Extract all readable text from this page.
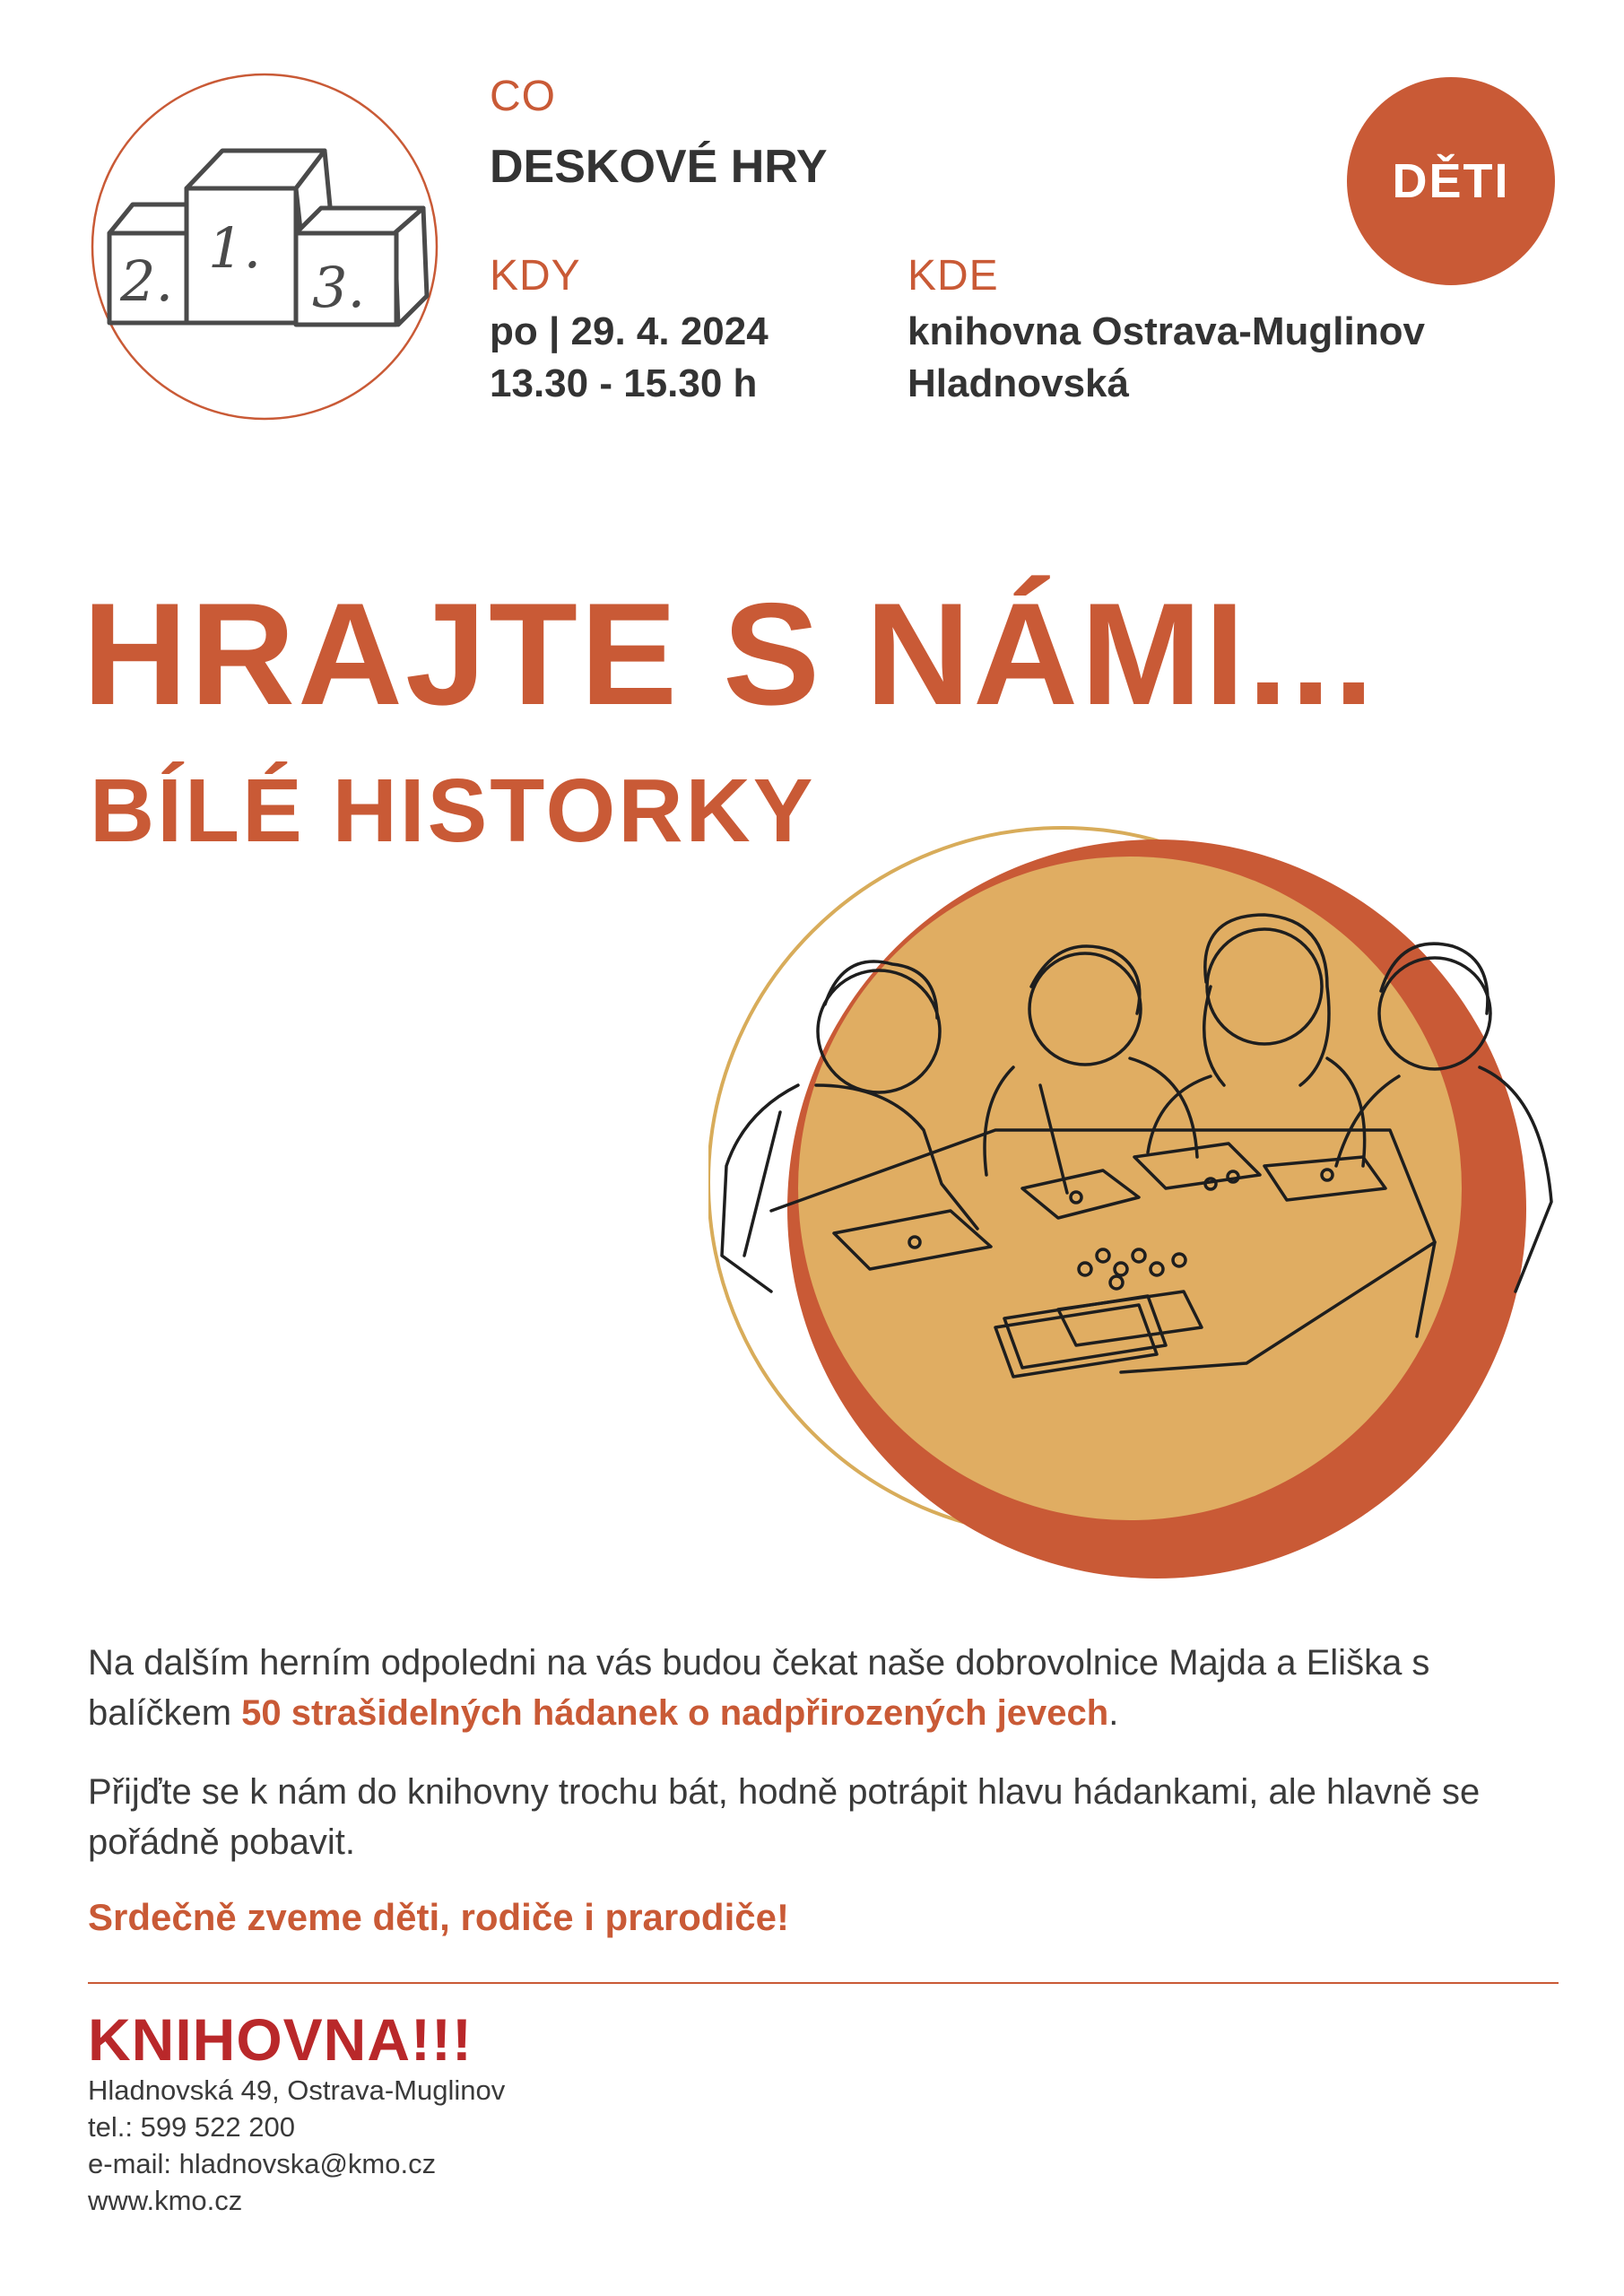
2.
1.
3.
CO
DESKOVÉ HRY
KDY
po | 29. 4. 2024
13.30 - 15.30 h
KDE
knihovna Ostrava-Muglinov
Hladnovská
DĚTI
HRAJTE S NÁMI...
BÍLÉ HISTORKY
Na dalším herním odpoledni na vás budou čekat naše dobrovolnice Majda a Eliška s balíčkem 50 strašidelných hádanek o nadpřirozených jevech.
Přijďte se k nám do knihovny trochu bát, hodně potrápit hlavu hádankami, ale hlavně se pořádně pobavit.
Srdečně zveme děti, rodiče i prarodiče!
KNIHOVNA!!!
Hladnovská 49, Ostrava-Muglinov
tel.: 599 522 200
e-mail: hladnovska@kmo.cz
www.kmo.cz
